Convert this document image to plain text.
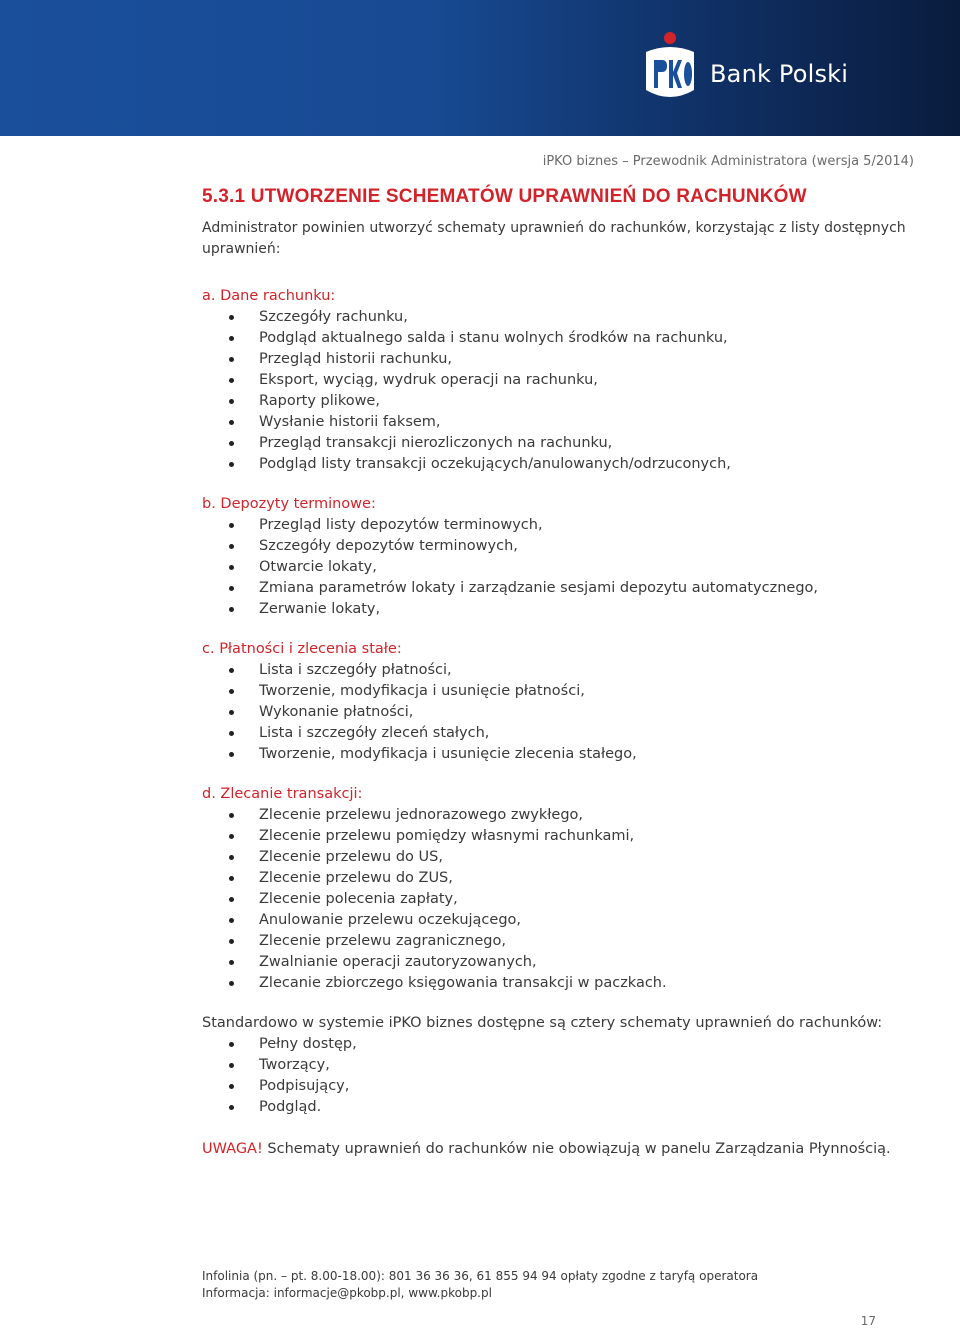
Bank Polski
iPKO biznes – Przewodnik Administratora (wersja 5/2014)
5.3.1 UTWORZENIE SCHEMATÓW UPRAWNIEŃ DO RACHUNKÓW

Administrator powinien utworzyć schematy uprawnień do rachunków, korzystając z listy dostępnych uprawnień:

a. Dane rachunku:

Szczegóły rachunku,
Podgląd aktualnego salda i stanu wolnych środków na rachunku,
Przegląd historii rachunku,
Eksport, wyciąg, wydruk operacji na rachunku,
Raporty plikowe,
Wysłanie historii faksem,
Przegląd transakcji nierozliczonych na rachunku,
Podgląd listy transakcji oczekujących/anulowanych/odrzuconych,

b. Depozyty terminowe:

Przegląd listy depozytów terminowych,
Szczegóły depozytów terminowych,
Otwarcie lokaty,
Zmiana parametrów lokaty i zarządzanie sesjami depozytu automatycznego,
Zerwanie lokaty,

c. Płatności i zlecenia stałe:

Lista i szczegóły płatności,
Tworzenie, modyfikacja i usunięcie płatności,
Wykonanie płatności,
Lista i szczegóły zleceń stałych,
Tworzenie, modyfikacja i usunięcie zlecenia stałego,

d. Zlecanie transakcji:

Zlecenie przelewu jednorazowego zwykłego,
Zlecenie przelewu pomiędzy własnymi rachunkami,
Zlecenie przelewu do US,
Zlecenie przelewu do ZUS,
Zlecenie polecenia zapłaty,
Anulowanie przelewu oczekującego,
Zlecenie przelewu zagranicznego,
Zwalnianie operacji zautoryzowanych,
Zlecanie zbiorczego księgowania transakcji w paczkach.

Standardowo w systemie iPKO biznes dostępne są cztery schematy uprawnień do rachunków:

Pełny dostęp,
Tworzący,
Podpisujący,
Podgląd.

UWAGA! Schematy uprawnień do rachunków nie obowiązują w panelu Zarządzania Płynnością.

Infolinia (pn. – pt. 8.00-18.00): 801 36 36 36, 61 855 94 94 opłaty zgodne z taryfą operatora
Informacja: informacje@pkobp.pl, www.pkobp.pl
17
